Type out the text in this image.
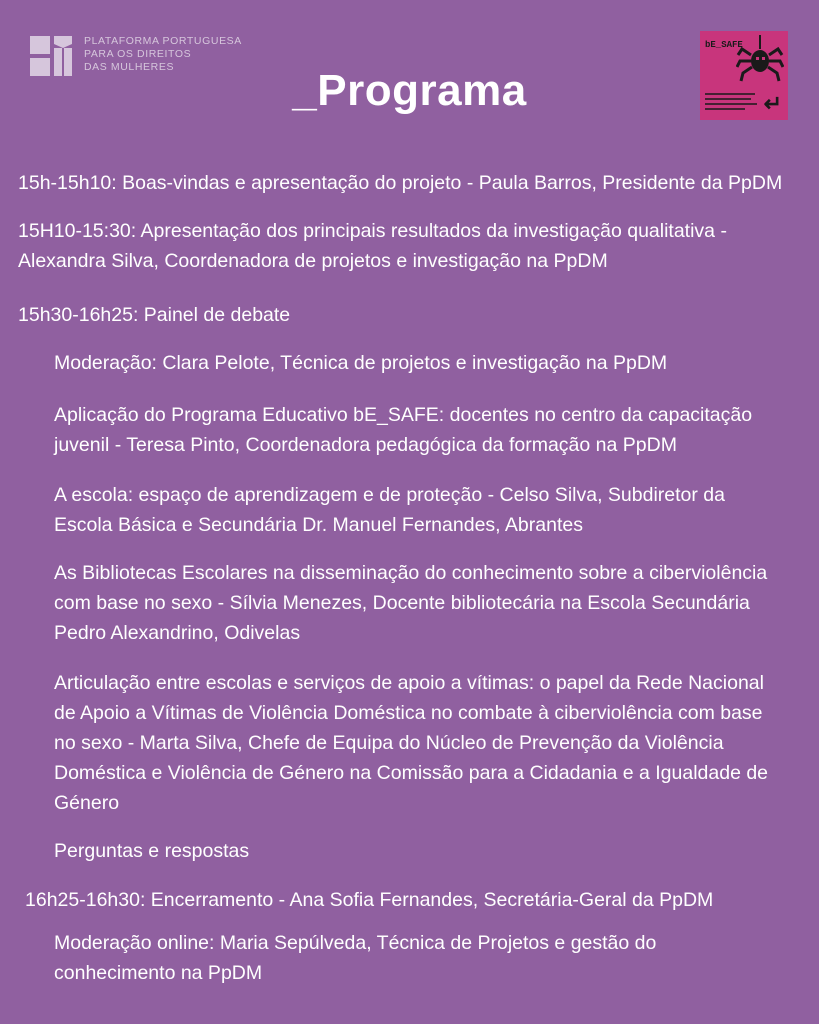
PLATAFORMA PORTUGUESA
PARA OS DIREITOS
DAS MULHERES	_Programa
bE_SAFE
↵
15h-15h10: Boas-vindas e apresentação do projeto - Paula Barros, Presidente da PpDM
15H10-15:30: Apresentação dos principais resultados da investigação qualitativa -
Alexandra Silva, Coordenadora de projetos e investigação na PpDM
15h30-16h25: Painel de debate
Moderação: Clara Pelote, Técnica de projetos e investigação na PpDM
Aplicação do Programa Educativo bE_SAFE: docentes no centro da capacitação
juvenil - Teresa Pinto, Coordenadora pedagógica da formação na PpDM
A escola: espaço de aprendizagem e de proteção - Celso Silva, Subdiretor da
Escola Básica e Secundária Dr. Manuel Fernandes, Abrantes
As Bibliotecas Escolares na disseminação do conhecimento sobre a ciberviolência
com base no sexo - Sílvia Menezes, Docente bibliotecária na Escola Secundária
Pedro Alexandrino, Odivelas
Articulação entre escolas e serviços de apoio a vítimas: o papel da Rede Nacional
de Apoio a Vítimas de Violência Doméstica no combate à ciberviolência com base
no sexo - Marta Silva, Chefe de Equipa do Núcleo de Prevenção da Violência
Doméstica e Violência de Género na Comissão para a Cidadania e a Igualdade de
Género
Perguntas e respostas
16h25-16h30: Encerramento - Ana Sofia Fernandes, Secretária-Geral da PpDM
Moderação online: Maria Sepúlveda, Técnica de Projetos e gestão do
conhecimento na PpDM
